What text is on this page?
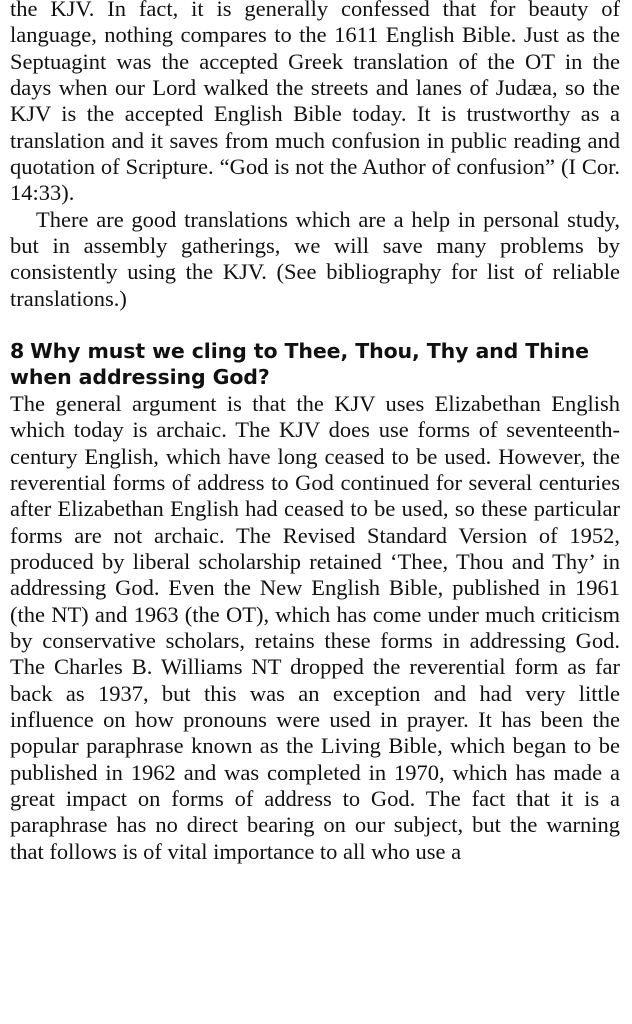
the KJV. In fact, it is generally confessed that for beauty of language, nothing compares to the 1611 English Bible. Just as the Septuagint was the accepted Greek translation of the OT in the days when our Lord walked the streets and lanes of Judæa, so the KJV is the accepted English Bible today. It is trustworthy as a translation and it saves from much confusion in public reading and quotation of Scripture. “God is not the Author of confusion” (I Cor. 14:33).

There are good translations which are a help in personal study, but in assembly gatherings, we will save many problems by consistently using the KJV. (See bibliography for list of reliable translations.)

8 Why must we cling to Thee, Thou, Thy and Thine when addressing God?

The general argument is that the KJV uses Elizabethan English which today is archaic. The KJV does use forms of seventeenth-century English, which have long ceased to be used. However, the reverential forms of address to God continued for several centuries after Elizabethan English had ceased to be used, so these particular forms are not archaic. The Revised Standard Version of 1952, produced by liberal scholarship retained ‘Thee, Thou and Thy’ in addressing God. Even the New English Bible, published in 1961 (the NT) and 1963 (the OT), which has come under much criticism by conservative scholars, retains these forms in addressing God. The Charles B. Williams NT dropped the reverential form as far back as 1937, but this was an exception and had very little influence on how pronouns were used in prayer. It has been the popular paraphrase known as the Living Bible, which began to be published in 1962 and was completed in 1970, which has made a great impact on forms of address to God. The fact that it is a paraphrase has no direct bearing on our subject, but the warning that follows is of vital importance to all who use a
